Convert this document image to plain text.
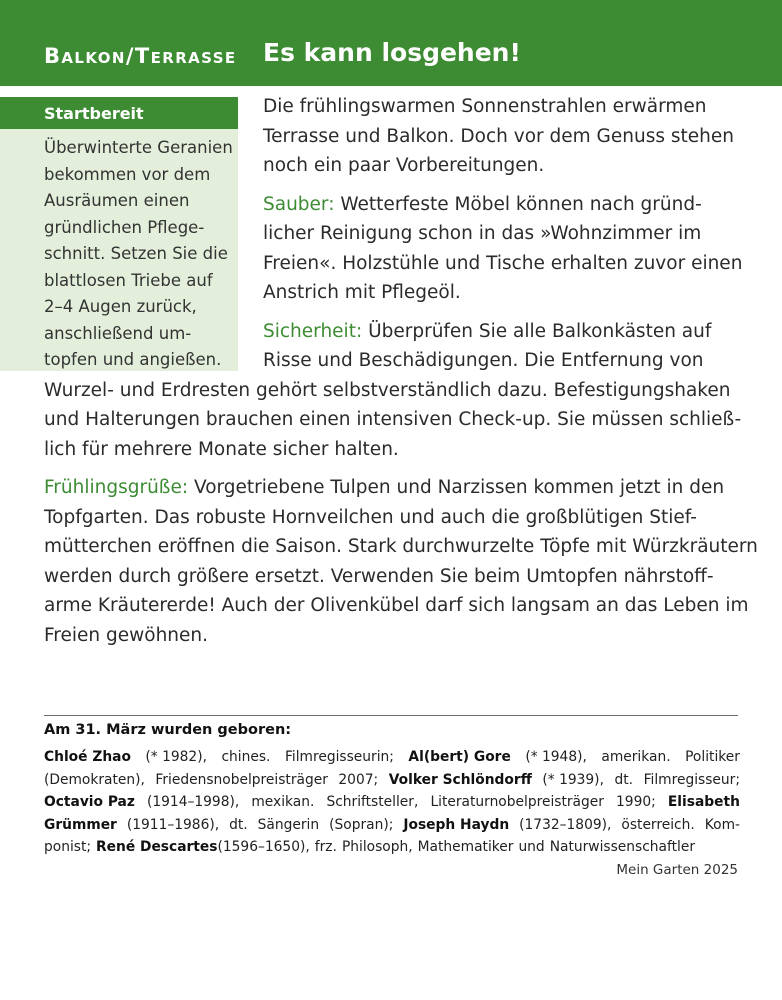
Balkon/Terrasse Es kann losgehen!
Startbereit
Überwinterte Geranien
bekommen vor dem
Ausräumen einen
gründlichen Pflege-
schnitt. Setzen Sie die
blattlosen Triebe auf
2–4 Augen zurück,
anschließend um-
topfen und angießen.
Die frühlingswarmen Sonnenstrahlen erwärmen
Terrasse und Balkon. Doch vor dem Genuss stehen
noch ein paar Vorbereitungen.
Sauber: Wetterfeste Möbel können nach gründ-
licher Reinigung schon in das »Wohnzimmer im
Freien«. Holzstühle und Tische erhalten zuvor einen
Anstrich mit Pflegeöl.
Sicherheit: Überprüfen Sie alle Balkonkästen auf
Risse und Beschädigungen. Die Entfernung von
Wurzel- und Erdresten gehört selbstverständlich dazu. Befestigungshaken
und Halterungen brauchen einen intensiven Check-up. Sie müssen schließ-
lich für mehrere Monate sicher halten.
Frühlingsgrüße: Vorgetriebene Tulpen und Narzissen kommen jetzt in den
Topfgarten. Das robuste Hornveilchen und auch die großblütigen Stief-
mütterchen eröffnen die Saison. Stark durchwurzelte Töpfe mit Würzkräutern
werden durch größere ersetzt. Verwenden Sie beim Umtopfen nährstoff-
arme Kräutererde! Auch der Olivenkübel darf sich langsam an das Leben im
Freien gewöhnen.
Am 31. März wurden geboren:
Chloé Zhao (* 1982), chines. Filmregisseurin; Al(bert) Gore (* 1948), amerikan. Politiker
(Demokraten), Friedensnobelpreisträger 2007; Volker Schlöndorff (* 1939), dt. Filmregisseur;
Octavio Paz (1914–1998), mexikan. Schriftsteller, Literaturnobelpreisträger 1990; Elisabeth
Grümmer (1911–1986), dt. Sängerin (Sopran); Joseph Haydn (1732–1809), österreich. Kom-
ponist; René Descartes (1596–1650), frz. Philosoph, Mathematiker und Naturwissenschaftler
Mein Garten 2025
